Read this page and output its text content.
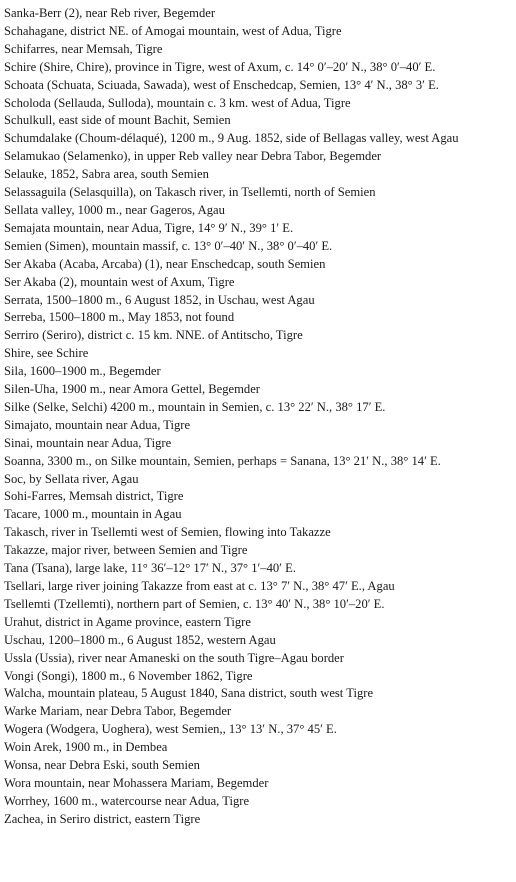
Sanka-Berr (2), near Reb river, Begemder

Schahagane, district NE. of Amogai mountain, west of Adua, Tigre

Schifarres, near Memsah, Tigre

Schire (Shire, Chire), province in Tigre, west of Axum, c. 14° 0′–20′ N., 38° 0′–40′ E.

Schoata (Schuata, Sciuada, Sawada), west of Enschedcap, Semien, 13° 4′ N., 38° 3′ E.

Scholoda (Sellauda, Sulloda), mountain c. 3 km. west of Adua, Tigre

Schulkull, east side of mount Bachit, Semien

Schumdalake (Choum-délaqué), 1200 m., 9 Aug. 1852, side of Bellagas valley, west Agau

Selamukao (Selamenko), in upper Reb valley near Debra Tabor, Begemder

Selauke, 1852, Sabra area, south Semien

Selassaguila (Selasquilla), on Takasch river, in Tsellemti, north of Semien

Sellata valley, 1000 m., near Gageros, Agau

Semajata mountain, near Adua, Tigre, 14° 9′ N., 39° 1′ E.

Semien (Simen), mountain massif, c. 13° 0′–40′ N., 38° 0′–40′ E.

Ser Akaba (Acaba, Arcaba) (1), near Enschedcap, south Semien

Ser Akaba (2), mountain west of Axum, Tigre

Serrata, 1500–1800 m., 6 August 1852, in Uschau, west Agau

Serreba, 1500–1800 m., May 1853, not found

Serriro (Seriro), district c. 15 km. NNE. of Antitscho, Tigre

Shire, see Schire

Sila, 1600–1900 m., Begemder

Silen-Uha, 1900 m., near Amora Gettel, Begemder

Silke (Selke, Selchi) 4200 m., mountain in Semien, c. 13° 22′ N., 38° 17′ E.

Simajato, mountain near Adua, Tigre

Sinai, mountain near Adua, Tigre

Soanna, 3300 m., on Silke mountain, Semien, perhaps = Sanana, 13° 21′ N., 38° 14′ E.

Soc, by Sellata river, Agau

Sohi-Farres, Memsah district, Tigre

Tacare, 1000 m., mountain in Agau

Takasch, river in Tsellemti west of Semien, flowing into Takazze

Takazze, major river, between Semien and Tigre

Tana (Tsana), large lake, 11° 36′–12° 17′ N., 37° 1′–40′ E.

Tsellari, large river joining Takazze from east at c. 13° 7′ N., 38° 47′ E., Agau

Tsellemti (Tzellemti), northern part of Semien, c. 13° 40′ N., 38° 10′–20′ E.

Urahut, district in Agame province, eastern Tigre

Uschau, 1200–1800 m., 6 August 1852, western Agau

Ussla (Ussia), river near Amaneski on the south Tigre–Agau border

Vongi (Songi), 1800 m., 6 November 1862, Tigre

Walcha, mountain plateau, 5 August 1840, Sana district, south west Tigre

Warke Mariam, near Debra Tabor, Begemder

Wogera (Wodgera, Uoghera), west Semien,, 13° 13′ N., 37° 45′ E.

Woin Arek, 1900 m., in Dembea

Wonsa, near Debra Eski, south Semien

Wora mountain, near Mohassera Mariam, Begemder

Worrhey, 1600 m., watercourse near Adua, Tigre

Zachea, in Seriro district, eastern Tigre
